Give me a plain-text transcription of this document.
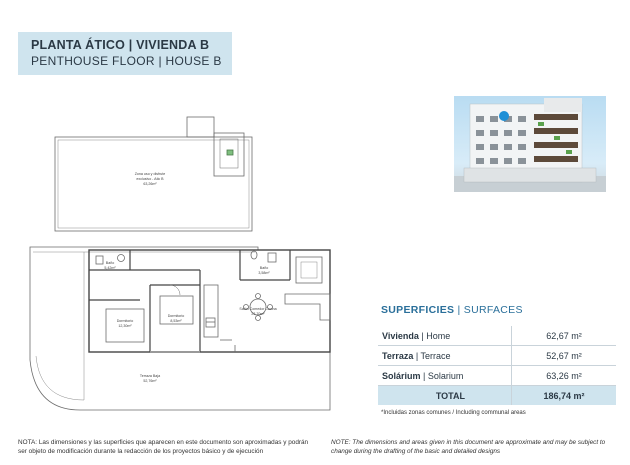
PLANTA ÁTICO | VIVIENDA B
PENTHOUSE FLOOR | HOUSE B
Zona uso y disfrute
exclusivo - Atic B
63,26m²
Baño
5,42m²	Baño
3,58m²
Dormitorio
12,30m²
Dormitorio
8,53m²
Salón Comedor Cocina
23,70m²
Terraza Baja
52,76m²
SUPERFICIES | SURFACES
Vivienda | Home	62,67 m²
Terraza | Terrace	52,67 m²
Solárium | Solarium	63,26 m²
TOTAL	186,74 m²
*Incluidas zonas comunes / Including communal areas
NOTA: Las dimensiones y las superficies que aparecen en este documento son aproximadas y podrán ser objeto de modificación durante la redacción de los proyectos básico y de ejecución
NOTE: The dimensions and areas given in this document are approximate and may be subject to change during the drafting of the basic and detailed designs
